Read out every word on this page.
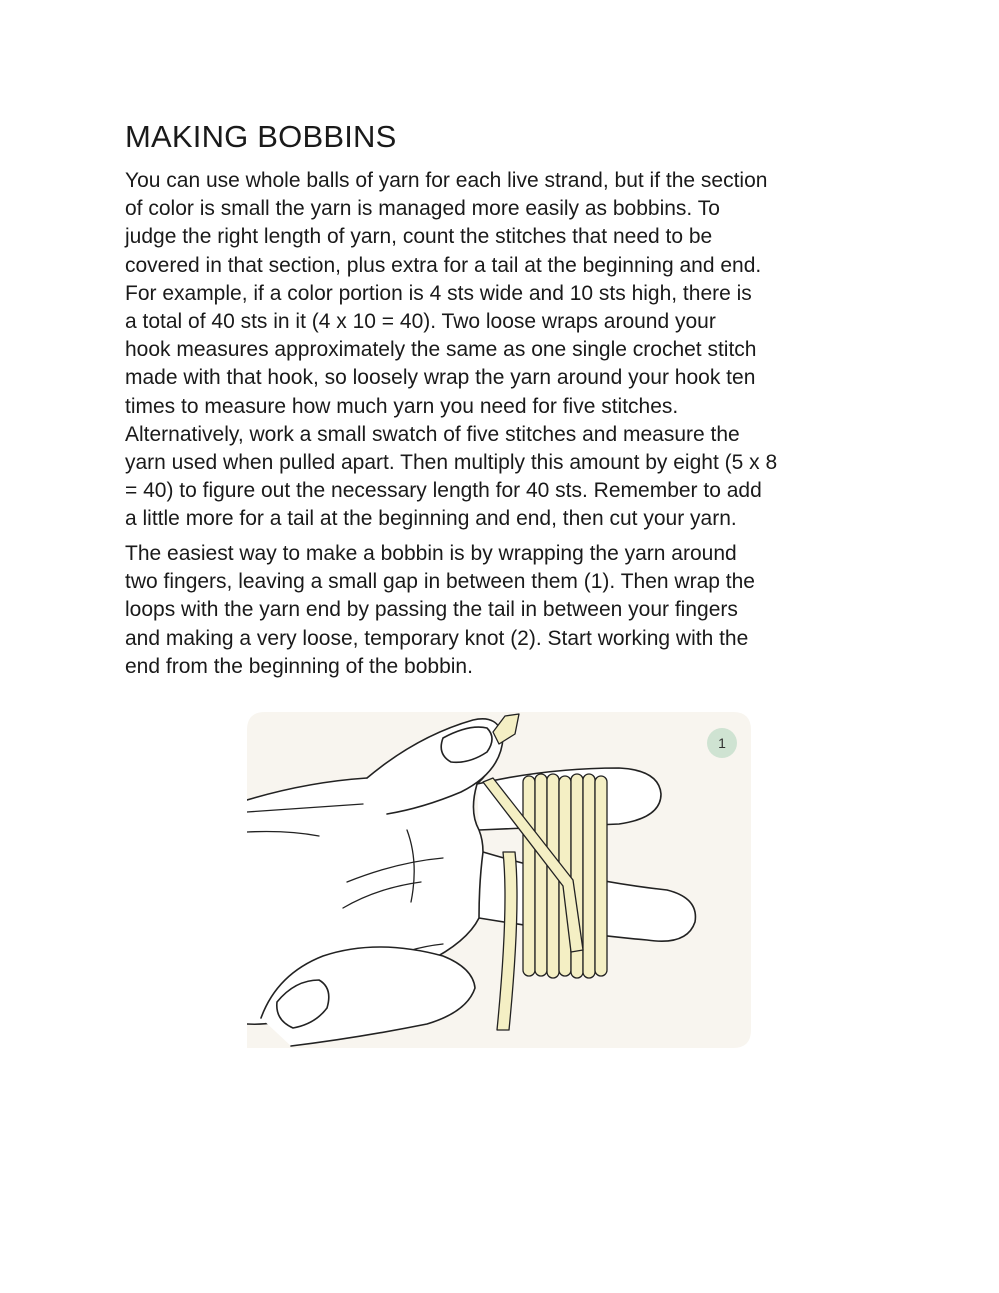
MAKING BOBBINS

You can use whole balls of yarn for each live strand, but if the section
of color is small the yarn is managed more easily as bobbins. To
judge the right length of yarn, count the stitches that need to be
covered in that section, plus extra for a tail at the beginning and end.
For example, if a color portion is 4 sts wide and 10 sts high, there is
a total of 40 sts in it (4 x 10 = 40). Two loose wraps around your
hook measures approximately the same as one single crochet stitch
made with that hook, so loosely wrap the yarn around your hook ten
times to measure how much yarn you need for five stitches.
Alternatively, work a small swatch of five stitches and measure the
yarn used when pulled apart. Then multiply this amount by eight (5 x 8
= 40) to figure out the necessary length for 40 sts. Remember to add
a little more for a tail at the beginning and end, then cut your yarn.

The easiest way to make a bobbin is by wrapping the yarn around
two fingers, leaving a small gap in between them (1). Then wrap the
loops with the yarn end by passing the tail in between your fingers
and making a very loose, temporary knot (2). Start working with the
end from the beginning of the bobbin.

1
